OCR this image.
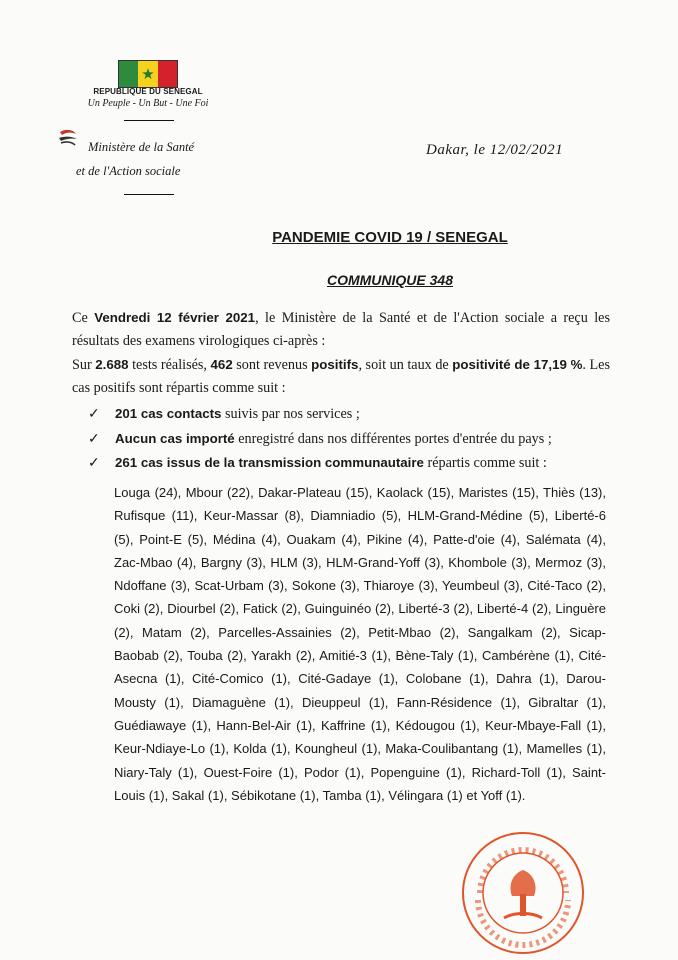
★
REPUBLIQUE DU SENEGAL
Un Peuple - Un But - Une Foi
Ministère de la Santé
et de l'Action sociale
Dakar, le 12/02/2021
PANDEMIE COVID 19 / SENEGAL
COMMUNIQUE 348

Ce Vendredi 12 février 2021, le Ministère de la Santé et de l'Action sociale a reçu les résultats des examens virologiques ci-après :

Sur 2.688 tests réalisés, 462 sont revenus positifs, soit un taux de positivité de 17,19 %. Les cas positifs sont répartis comme suit :

✓	201 cas contacts suivis par nos services ;
✓	Aucun cas importé enregistré dans nos différentes portes d'entrée du pays ;
✓	261 cas issus de la transmission communautaire répartis comme suit :
Louga (24), Mbour (22), Dakar-Plateau (15), Kaolack (15), Maristes (15), Thiès (13), Rufisque (11), Keur-Massar (8), Diamniadio (5), HLM-Grand-Médine (5), Liberté-6 (5), Point-E (5), Médina (4), Ouakam (4), Pikine (4), Patte-d'oie (4), Salémata (4), Zac-Mbao (4), Bargny (3), HLM (3), HLM-Grand-Yoff (3), Khombole (3), Mermoz (3), Ndoffane (3), Scat-Urbam (3), Sokone (3), Thiaroye (3), Yeumbeul (3), Cité-Taco (2), Coki (2), Diourbel (2), Fatick (2), Guinguinéo (2), Liberté-3 (2), Liberté-4 (2), Linguère (2), Matam (2), Parcelles-Assainies (2), Petit-Mbao (2), Sangalkam (2), Sicap-Baobab (2), Touba (2), Yarakh (2), Amitié-3 (1), Bène-Taly (1), Cambérène (1), Cité-Asecna (1), Cité-Comico (1), Cité-Gadaye (1), Colobane (1), Dahra (1), Darou-Mousty (1), Diamaguène (1), Dieuppeul (1), Fann-Résidence (1), Gibraltar (1), Guédiawaye (1), Hann-Bel-Air (1), Kaffrine (1), Kédougou (1), Keur-Mbaye-Fall (1), Keur-Ndiaye-Lo (1), Kolda (1), Koungheul (1), Maka-Coulibantang (1), Mamelles (1), Niary-Taly (1), Ouest-Foire (1), Podor (1), Popenguine (1), Richard-Toll (1), Saint-Louis (1), Sakal (1), Sébikotane (1), Tamba (1), Vélingara (1) et Yoff (1).
